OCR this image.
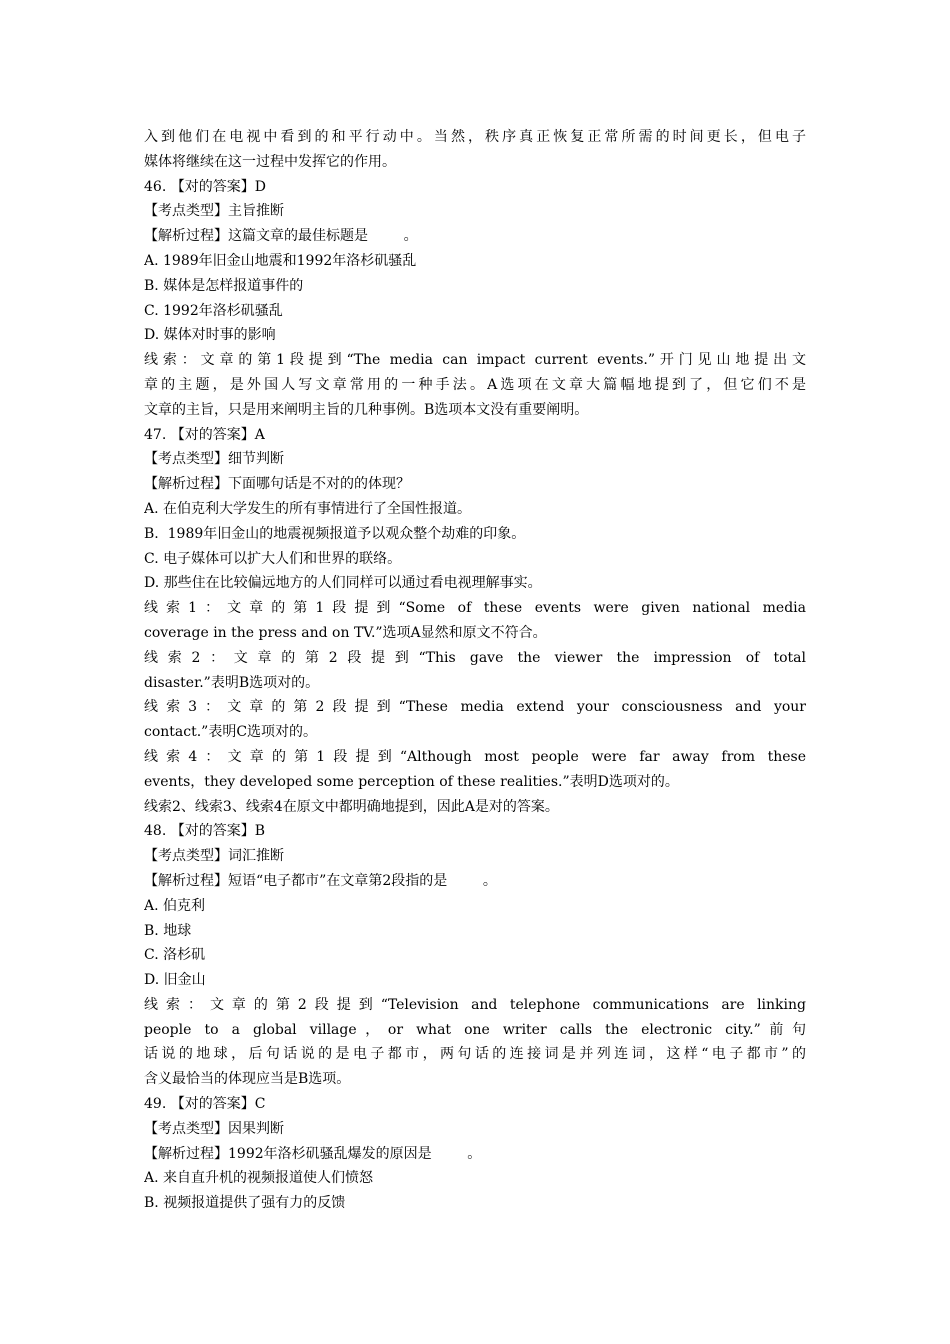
入到他们在电视中看到的和平行动中。当然，秩序真正恢复正常所需的时间更长，但电子
媒体将继续在这一过程中发挥它的作用。
46. 【对的答案】D
【考点类型】主旨推断
【解析过程】这篇文章的最佳标题是        。
A. 1989年旧金山地震和1992年洛杉矶骚乱
B. 媒体是怎样报道事件的
C. 1992年洛杉矶骚乱
D. 媒体对时事的影响
线索：文章的第1段提到“The media can impact current events.”开门见山地提出文
章的主题，是外国人写文章常用的一种手法。A选项在文章大篇幅地提到了，但它们不是
文章的主旨，只是用来阐明主旨的几种事例。B选项本文没有重要阐明。
47. 【对的答案】A
【考点类型】细节判断
【解析过程】下面哪句话是不对的的体现？
A. 在伯克利大学发生的所有事情进行了全国性报道。
B.  1989年旧金山的地震视频报道予以观众整个劫难的印象。
C. 电子媒体可以扩大人们和世界的联络。
D. 那些住在比较偏远地方的人们同样可以通过看电视理解事实。
线索1：文章的第1段提到“Some of these events were given national media
coverage in the press and on TV.”选项A显然和原文不符合。
线索2：文章的第2段提到“This gave the viewer the impression of total
disaster.”表明B选项对的。
线索3：文章的第2段提到“These media extend your consciousness and your
contact.”表明C选项对的。
线索4：文章的第1段提到“Although most people were far away from these
events，they developed some perception of these realities.”表明D选项对的。
线索2、线索3、线索4在原文中都明确地提到，因此A是对的答案。
48. 【对的答案】B
【考点类型】词汇推断
【解析过程】短语“电子都市”在文章第2段指的是        。
A. 伯克利
B. 地球
C. 洛杉矶
D. 旧金山
线索：文章的第2段提到“Television and telephone communications are linking
people to a global village，or what one writer calls the electronic city.”前句
话说的地球，后句话说的是电子都市，两句话的连接词是并列连词，这样“电子都市”的
含义最恰当的体现应当是B选项。
49. 【对的答案】C
【考点类型】因果判断
【解析过程】1992年洛杉矶骚乱爆发的原因是        。
A. 来自直升机的视频报道使人们愤怒
B. 视频报道提供了强有力的反馈
